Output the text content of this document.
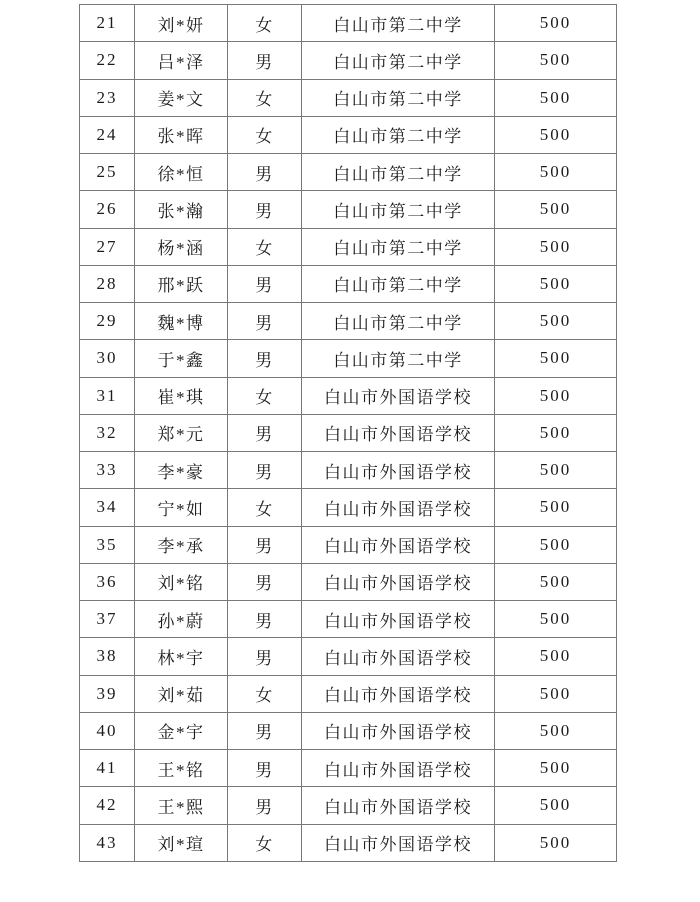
21	刘*妍	女	白山市第二中学	500
22	吕*泽	男	白山市第二中学	500
23	姜*文	女	白山市第二中学	500
24	张*晖	女	白山市第二中学	500
25	徐*恒	男	白山市第二中学	500
26	张*瀚	男	白山市第二中学	500
27	杨*涵	女	白山市第二中学	500
28	邢*跃	男	白山市第二中学	500
29	魏*博	男	白山市第二中学	500
30	于*鑫	男	白山市第二中学	500
31	崔*琪	女	白山市外国语学校	500
32	郑*元	男	白山市外国语学校	500
33	李*豪	男	白山市外国语学校	500
34	宁*如	女	白山市外国语学校	500
35	李*承	男	白山市外国语学校	500
36	刘*铭	男	白山市外国语学校	500
37	孙*蔚	男	白山市外国语学校	500
38	林*宇	男	白山市外国语学校	500
39	刘*茹	女	白山市外国语学校	500
40	金*宇	男	白山市外国语学校	500
41	王*铭	男	白山市外国语学校	500
42	王*熙	男	白山市外国语学校	500
43	刘*瑄	女	白山市外国语学校	500
